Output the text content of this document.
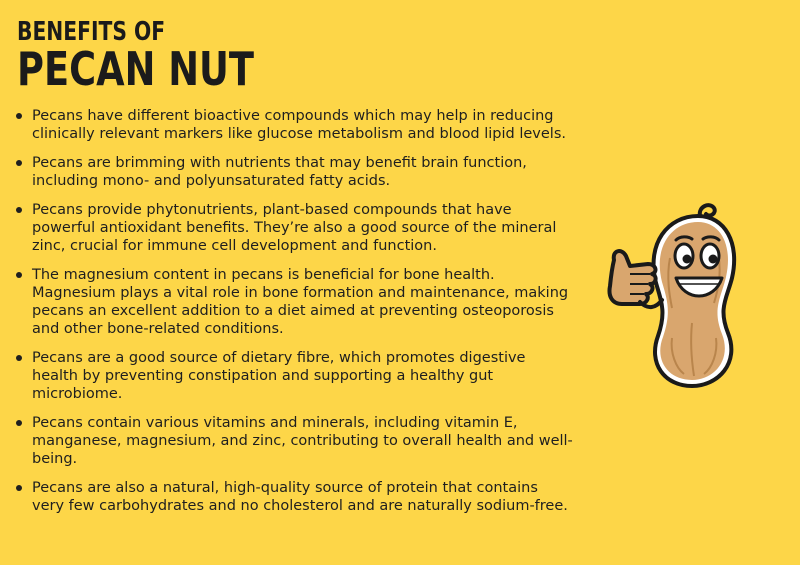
BENEFITS OF
PECAN NUT
Pecans have different bioactive compounds which may help in reducing clinically relevant markers like glucose metabolism and blood lipid levels.
Pecans are brimming with nutrients that may benefit brain function, including mono- and polyunsaturated fatty acids.
Pecans provide phytonutrients, plant-based compounds that have powerful antioxidant benefits. They’re also a good source of the mineral zinc, crucial for immune cell development and function.
The magnesium content in pecans is beneficial for bone health. Magnesium plays a vital role in bone formation and maintenance, making pecans an excellent addition to a diet aimed at preventing osteoporosis and other bone-related conditions.
Pecans are a good source of dietary fibre, which promotes digestive health by preventing constipation and supporting a healthy gut microbiome.
Pecans contain various vitamins and minerals, including vitamin E, manganese, magnesium, and zinc, contributing to overall health and well-being.
Pecans are also a natural, high-quality source of protein that contains very few carbohydrates and no cholesterol and are naturally sodium-free.
